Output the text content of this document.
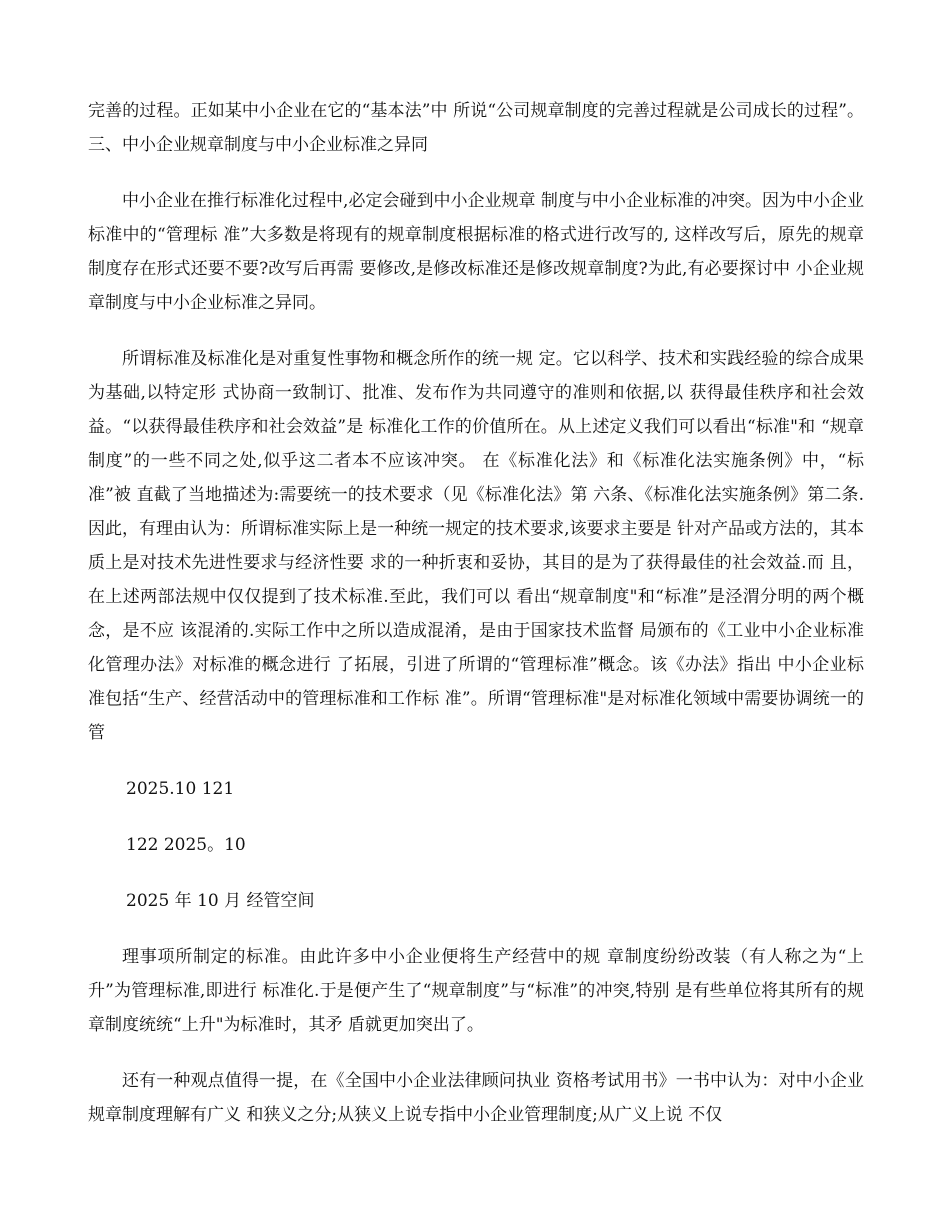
完善的过程。正如某中小企业在它的“基本法”中 所说“公司规章制度的完善过程就是公司成长的过程”。 三、中小企业规章制度与中小企业标准之异同

中小企业在推行标准化过程中,必定会碰到中小企业规章 制度与中小企业标准的冲突。因为中小企业标准中的“管理标 准”大多数是将现有的规章制度根据标准的格式进行改写的, 这样改写后，原先的规章制度存在形式还要不要?改写后再需 要修改,是修改标准还是修改规章制度?为此,有必要探讨中 小企业规章制度与中小企业标准之异同。

所谓标准及标准化是对重复性事物和概念所作的统一规 定。它以科学、技术和实践经验的综合成果为基础,以特定形 式协商一致制订、批准、发布作为共同遵守的准则和依据,以 获得最佳秩序和社会效益。“以获得最佳秩序和社会效益”是 标准化工作的价值所在。从上述定义我们可以看出“标准"和 “规章制度”的一些不同之处,似乎这二者本不应该冲突。 在《标准化法》和《标准化法实施条例》中，“标准”被 直截了当地描述为:需要统一的技术要求（见《标准化法》第 六条、《标准化法实施条例》第二条.因此，有理由认为：所谓标准实际上是一种统一规定的技术要求,该要求主要是 针对产品或方法的，其本质上是对技术先进性要求与经济性要 求的一种折衷和妥协，其目的是为了获得最佳的社会效益.而 且，在上述两部法规中仅仅提到了技术标准.至此，我们可以 看出“规章制度"和“标准”是泾渭分明的两个概念，是不应 该混淆的.实际工作中之所以造成混淆，是由于国家技术监督 局颁布的《工业中小企业标准化管理办法》对标准的概念进行 了拓展，引进了所谓的“管理标准”概念。该《办法》指出 中小企业标准包括“生产、经营活动中的管理标准和工作标 准”。所谓“管理标准"是对标准化领域中需要协调统一的管

2025.10 121
122 2025。10
2025 年 10 月 经管空间

理事项所制定的标准。由此许多中小企业便将生产经营中的规 章制度纷纷改装（有人称之为“上升”为管理标准,即进行 标准化.于是便产生了“规章制度”与“标准”的冲突,特别 是有些单位将其所有的规章制度统统“上升"为标准时，其矛 盾就更加突出了。

还有一种观点值得一提，在《全国中小企业法律顾问执业 资格考试用书》一书中认为：对中小企业规章制度理解有广义 和狭义之分;从狭义上说专指中小企业管理制度;从广义上说 不仅
